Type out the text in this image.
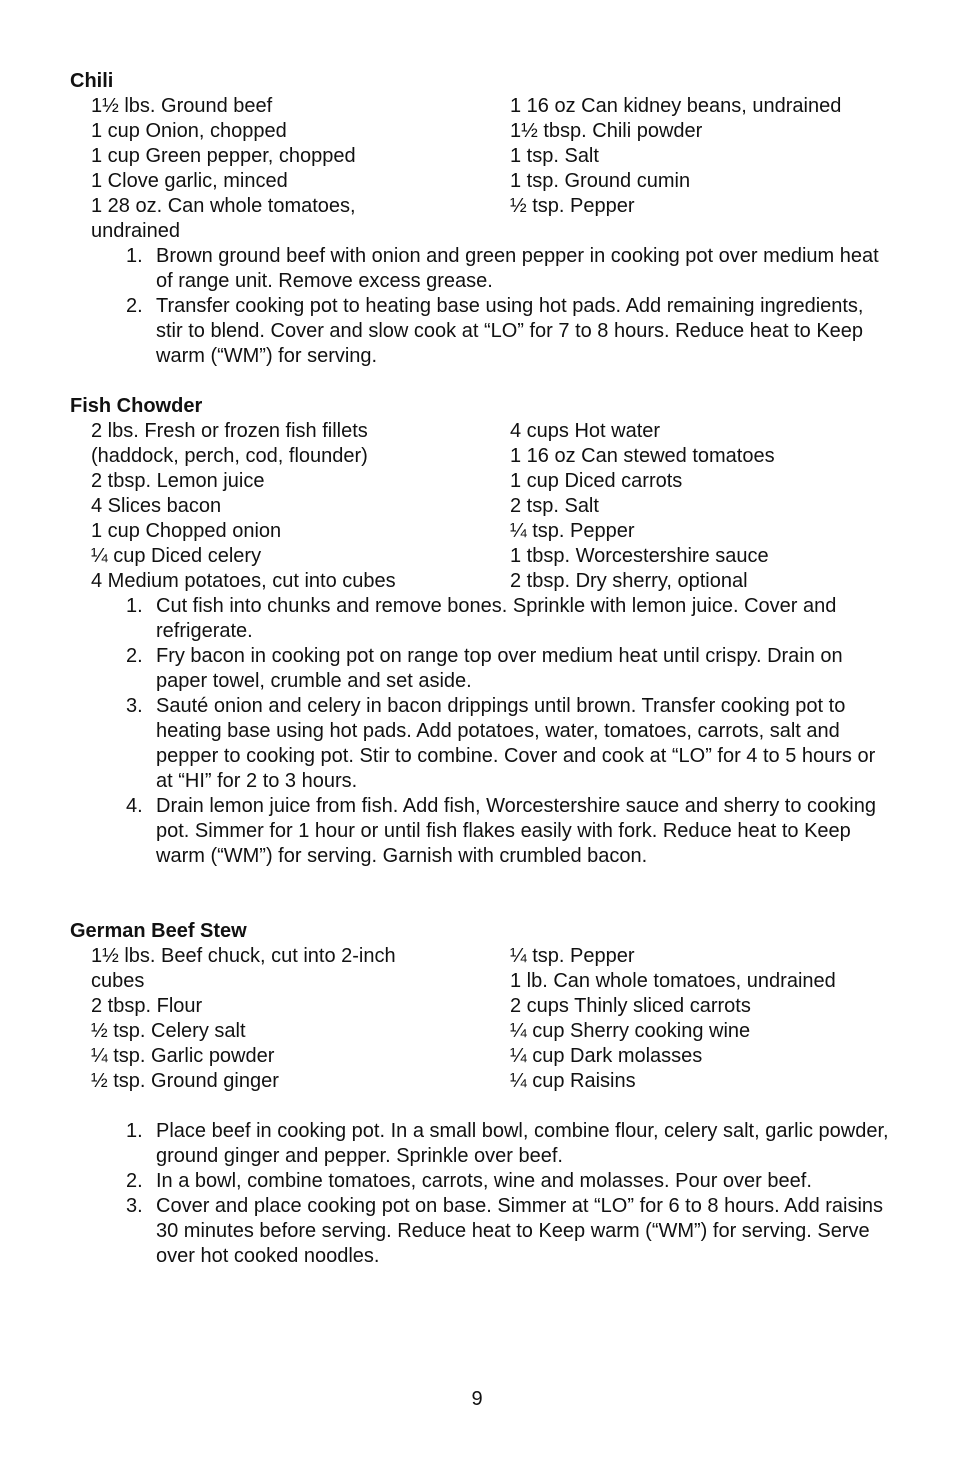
Chili
1½ lbs. Ground beef
1 cup Onion, chopped
1 cup Green pepper, chopped
1 Clove garlic, minced
1 28 oz. Can whole tomatoes,
undrained
1 16 oz Can kidney beans, undrained
1½ tbsp. Chili powder
1 tsp. Salt
1 tsp. Ground cumin
½ tsp. Pepper
1. Brown ground beef with onion and green pepper in cooking pot over medium heat of range unit. Remove excess grease.
2. Transfer cooking pot to heating base using hot pads. Add remaining ingredients, stir to blend. Cover and slow cook at “LO” for 7 to 8 hours. Reduce heat to Keep warm (“WM”) for serving.
Fish Chowder
2 lbs. Fresh or frozen fish fillets
(haddock, perch, cod, flounder)
2 tbsp. Lemon juice
4 Slices bacon
1 cup Chopped onion
¼ cup Diced celery
4 Medium potatoes, cut into cubes
4 cups Hot water
1 16 oz Can stewed tomatoes
1 cup Diced carrots
2 tsp. Salt
¼ tsp. Pepper
1 tbsp. Worcestershire sauce
2 tbsp. Dry sherry, optional
1. Cut fish into chunks and remove bones. Sprinkle with lemon juice. Cover and refrigerate.
2. Fry bacon in cooking pot on range top over medium heat until crispy. Drain on paper towel, crumble and set aside.
3. Sauté onion and celery in bacon drippings until brown. Transfer cooking pot to heating base using hot pads. Add potatoes, water, tomatoes, carrots, salt and pepper to cooking pot. Stir to combine. Cover and cook at “LO” for 4 to 5 hours or at “HI” for 2 to 3 hours.
4. Drain lemon juice from fish. Add fish, Worcestershire sauce and sherry to cooking pot. Simmer for 1 hour or until fish flakes easily with fork. Reduce heat to Keep warm (“WM”) for serving. Garnish with crumbled bacon.
German Beef Stew
1½ lbs. Beef chuck, cut into 2-inch
cubes
2 tbsp. Flour
½ tsp. Celery salt
¼ tsp. Garlic powder
½ tsp. Ground ginger
¼ tsp. Pepper
1 lb. Can whole tomatoes, undrained
2 cups Thinly sliced carrots
¼ cup Sherry cooking wine
¼ cup Dark molasses
¼ cup Raisins
1. Place beef in cooking pot. In a small bowl, combine flour, celery salt, garlic powder, ground ginger and pepper. Sprinkle over beef.
2. In a bowl, combine tomatoes, carrots, wine and molasses. Pour over beef.
3. Cover and place cooking pot on base. Simmer at “LO” for 6 to 8 hours. Add raisins 30 minutes before serving. Reduce heat to Keep warm (“WM”) for serving. Serve over hot cooked noodles.
9
